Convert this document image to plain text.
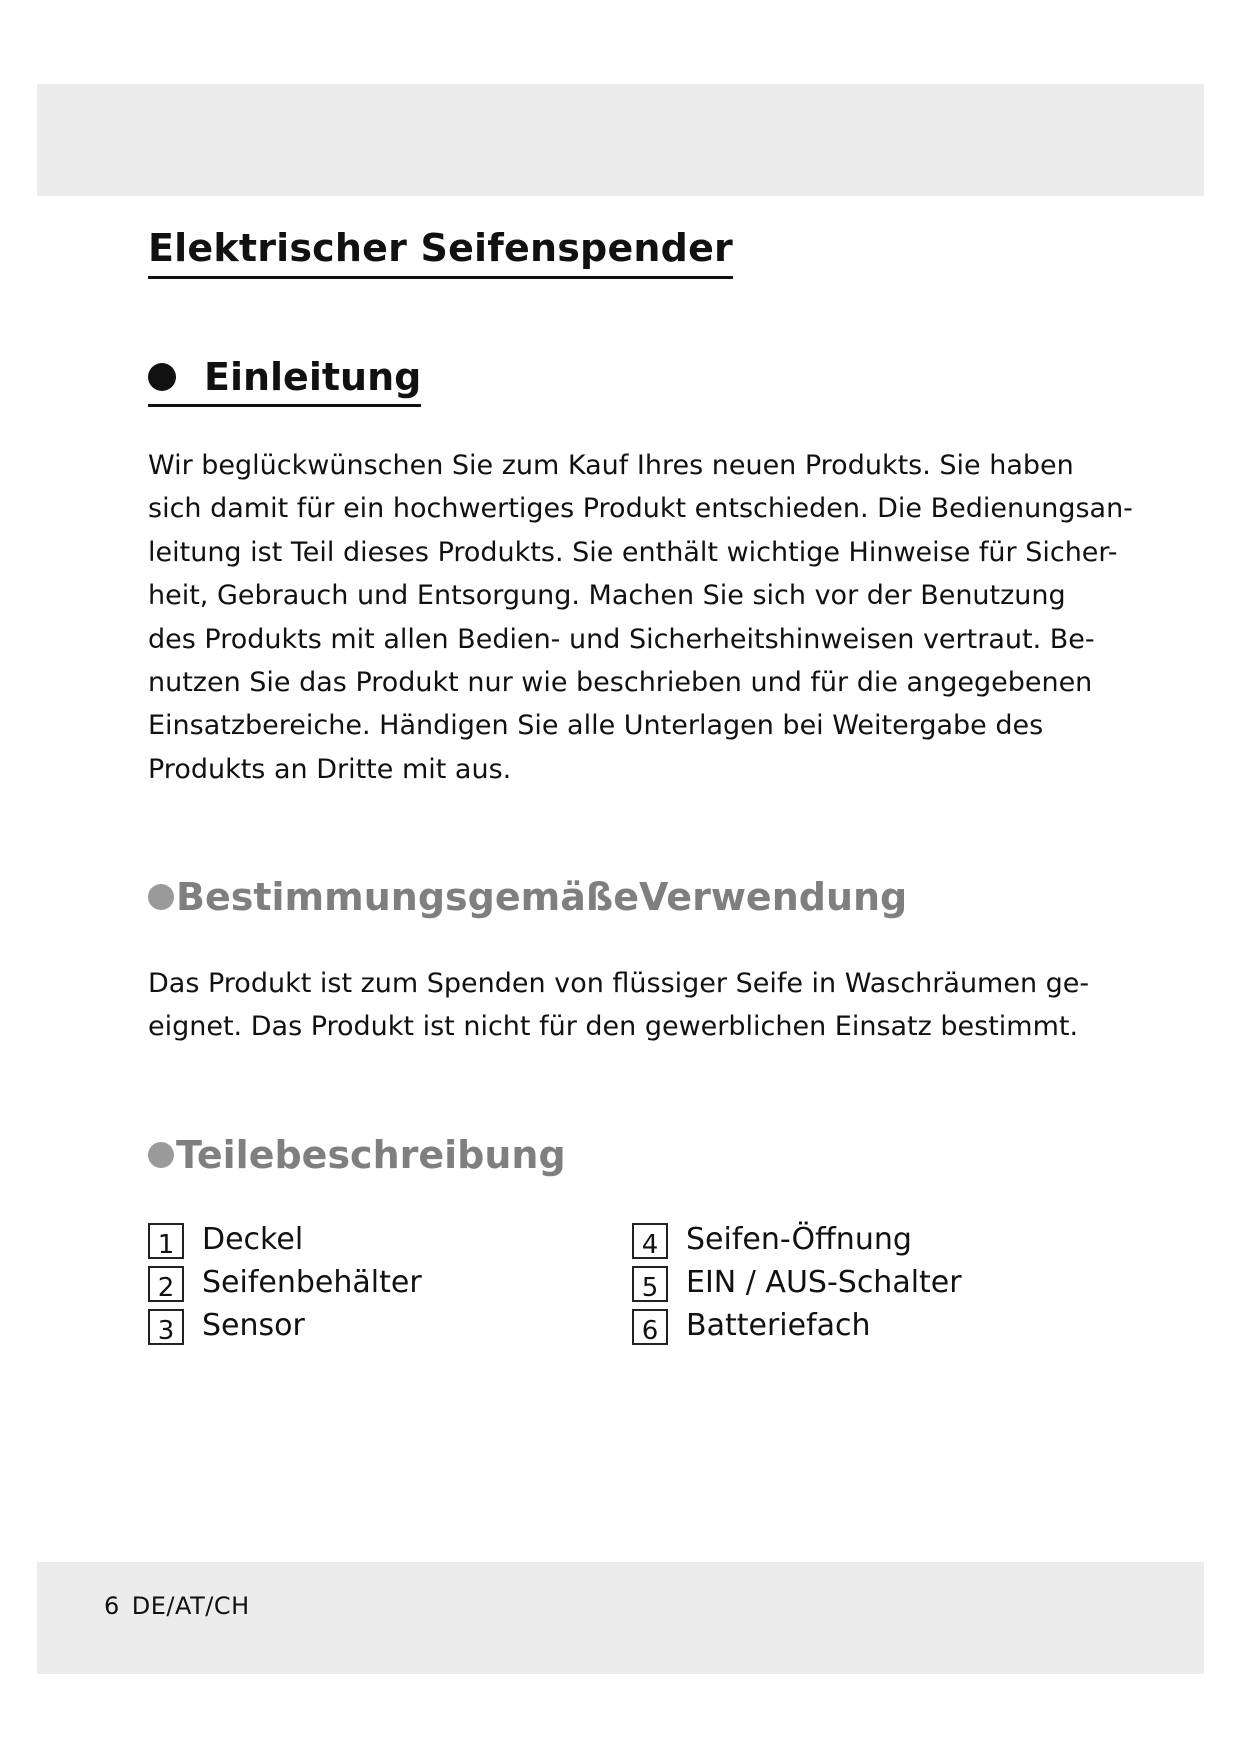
Elektrischer Seifenspender
Einleitung

Wir beglückwünschen Sie zum Kauf Ihres neuen Produkts. Sie haben
sich damit für ein hochwertiges Produkt entschieden. Die Bedienungsan-
leitung ist Teil dieses Produkts. Sie enthält wichtige Hinweise für Sicher-
heit, Gebrauch und Entsorgung. Machen Sie sich vor der Benutzung
des Produkts mit allen Bedien- und Sicherheitshinweisen vertraut. Be-
nutzen Sie das Produkt nur wie beschrieben und für die angegebenen
Einsatzbereiche. Händigen Sie alle Unterlagen bei Weitergabe des
Produkts an Dritte mit aus.

BestimmungsgemäßeVerwendung

Das Produkt ist zum Spenden von flüssiger Seife in Waschräumen ge-
eignet. Das Produkt ist nicht für den gewerblichen Einsatz bestimmt.

Teilebeschreibung
1 Deckel
2 Seifenbehälter
3 Sensor
4 Seifen-Öffnung
5 EIN / AUS-Schalter
6 Batteriefach
6 DE/AT/CH
